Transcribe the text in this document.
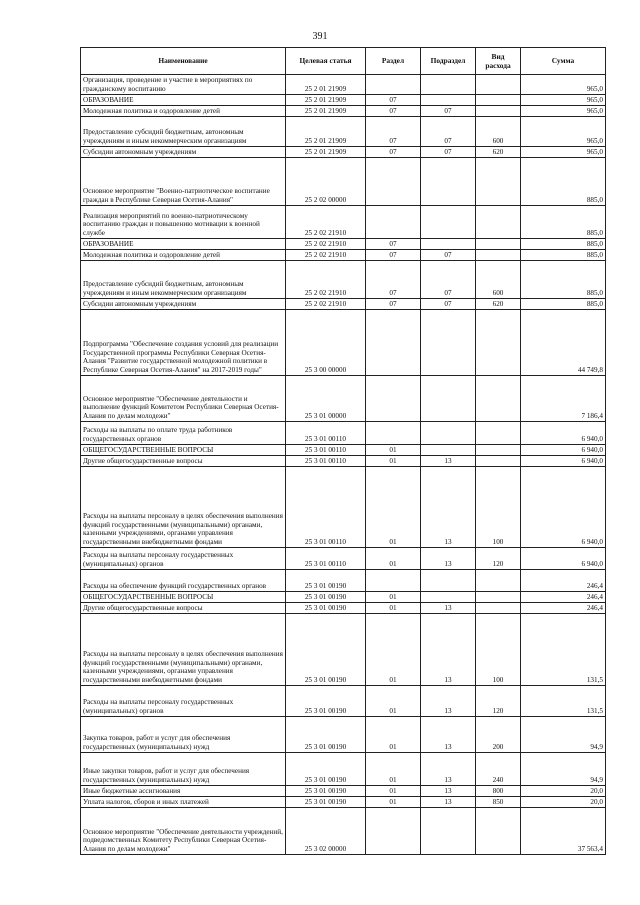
391
Наименование	Целевая статья	Раздел	Подраздел	Вид расхода	Сумма
Организация, проведение и участие в мероприятиях по гражданскому воспитанию	25 2 01 21909				965,0
ОБРАЗОВАНИЕ	25 2 01 21909	07			965,0
Молодежная политика и оздоровление детей	25 2 01 21909	07	07		965,0
Предоставление субсидий бюджетным, автономным учреждениям и иным некоммерческим организациям	25 2 01 21909	07	07	600	965,0
Субсидии автономным учреждениям	25 2 01 21909	07	07	620	965,0
Основное мероприятие "Военно-патриотическое воспитание граждан в Республике Северная Осетия-Алания"	25 2 02 00000				885,0
Реализация мероприятий по военно-патриотическому воспитанию граждан и повышению мотивации к военной службе	25 2 02 21910				885,0
ОБРАЗОВАНИЕ	25 2 02 21910	07			885,0
Молодежная политика и оздоровление детей	25 2 02 21910	07	07		885,0
Предоставление субсидий бюджетным, автономным учреждениям и иным некоммерческим организациям	25 2 02 21910	07	07	600	885,0
Субсидии автономным учреждениям	25 2 02 21910	07	07	620	885,0
Подпрограмма "Обеспечение создания условий для реализации Государственной программы Республики Северная Осетия-Алания "Развитие государственной молодежной политики в Республике Северная Осетия-Алания" на 2017-2019 годы"	25 3 00 00000				44 749,8
Основное мероприятие "Обеспечение деятельности и выполнение функций Комитетом Республики Северная Осетия-Алания по делам молодежи"	25 3 01 00000				7 186,4
Расходы на выплаты по оплате труда работников государственных органов	25 3 01 00110				6 940,0
ОБЩЕГОСУДАРСТВЕННЫЕ ВОПРОСЫ	25 3 01 00110	01			6 940,0
Другие общегосударственные вопросы	25 3 01 00110	01	13		6 940,0
Расходы на выплаты персоналу в целях обеспечения выполнения функций государственными (муниципальными) органами, казенными учреждениями, органами управления государственными внебюджетными фондами	25 3 01 00110	01	13	100	6 940,0
Расходы на выплаты персоналу государственных (муниципальных) органов	25 3 01 00110	01	13	120	6 940,0
Расходы на обеспечение функций государственных органов	25 3 01 00190				246,4
ОБЩЕГОСУДАРСТВЕННЫЕ ВОПРОСЫ	25 3 01 00190	01			246,4
Другие общегосударственные вопросы	25 3 01 00190	01	13		246,4
Расходы на выплаты персоналу в целях обеспечения выполнения функций государственными (муниципальными) органами, казенными учреждениями, органами управления государственными внебюджетными фондами	25 3 01 00190	01	13	100	131,5
Расходы на выплаты персоналу государственных (муниципальных) органов	25 3 01 00190	01	13	120	131,5
Закупка товаров, работ и услуг для обеспечения государственных (муниципальных) нужд	25 3 01 00190	01	13	200	94,9
Иные закупки товаров, работ и услуг для обеспечения государственных (муниципальных) нужд	25 3 01 00190	01	13	240	94,9
Иные бюджетные ассигнования	25 3 01 00190	01	13	800	20,0
Уплата налогов, сборов и иных платежей	25 3 01 00190	01	13	850	20,0
Основное мероприятие "Обеспечение деятельности учреждений, подведомственных Комитету Республики Северная Осетия-Алания по делам молодежи"	25 3 02 00000				37 563,4
